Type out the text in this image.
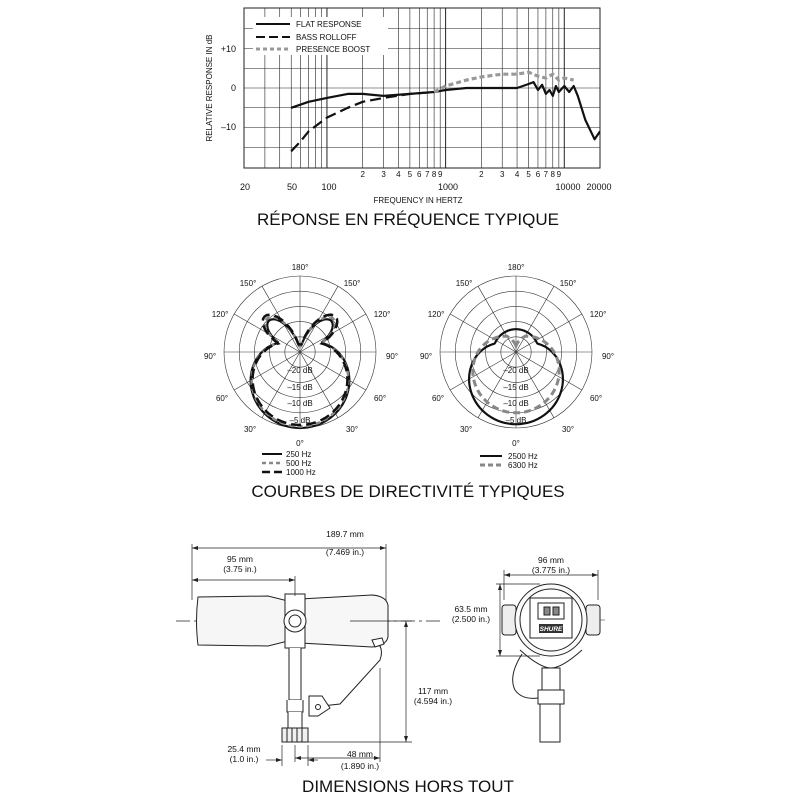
+10
0
–10
RELATIVE RESPONSE IN dB
20	50	100	1000	10000 20000
2 3 4 5 6 7 8 9	2 3 4 5 6 7 8 9
FREQUENCY IN HERTZ
FLAT RESPONSE
BASS ROLLOFF
PRESENCE BOOST
RÉPONSE EN FRÉQUENCE TYPIQUE
180°
150°	150°
120°	120°
90°	90°
60°	60°
30°	30°
0°
–20 dB
–15 dB
–10 dB
–5 dB
250 Hz
500 Hz
1000 Hz
180°
150°	150°
120°	120°
90°	90°
60°	60°
30°	30°
0°
–20 dB
–15 dB
–10 dB
–5 dB
2500 Hz
6300 Hz
COURBES DE DIRECTIVITÉ TYPIQUES
189.7 mm
(7.469 in.)
95 mm
(3.75 in.)
117 mm
(4.594 in.)
25.4 mm
(1.0 in.)	48 mm
(1.890 in.)
SHURE
96 mm
(3.775 in.)
63.5 mm
(2.500 in.)
DIMENSIONS HORS TOUT
